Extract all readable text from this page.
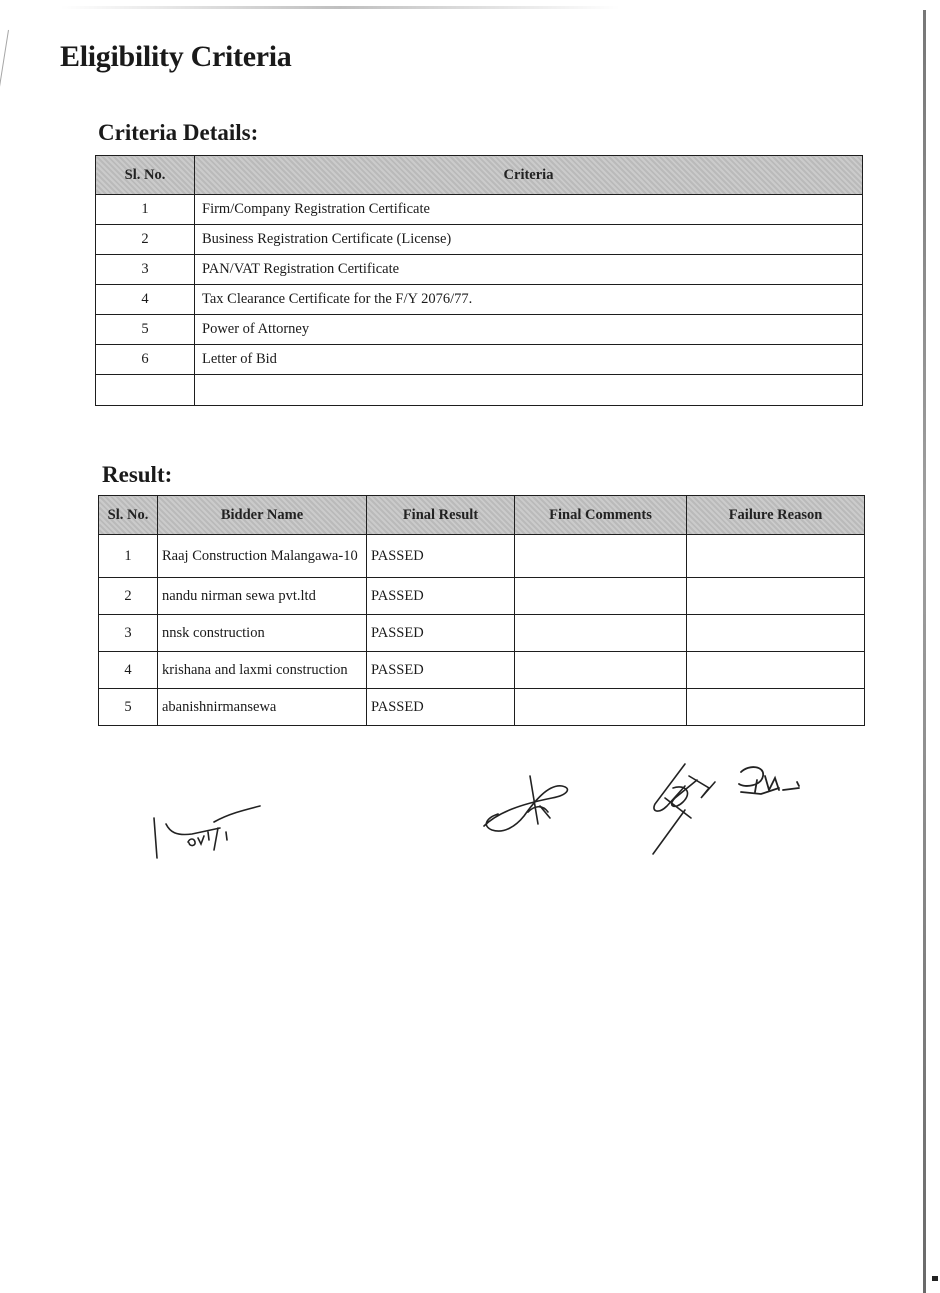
Eligibility Criteria
Criteria Details:
Sl. No.	Criteria
1	Firm/Company Registration Certificate
2	Business Registration Certificate (License)
3	PAN/VAT Registration Certificate
4	Tax Clearance Certificate for the F/Y 2076/77.
5	Power of Attorney
6	Letter of Bid

Result:
Sl. No.	Bidder Name	Final Result	Final Comments	Failure Reason
1	Raaj Construction Malangawa-10	PASSED		
2	nandu nirman sewa pvt.ltd	PASSED		
3	nnsk construction	PASSED		
4	krishana and laxmi construction	PASSED		
5	abanishnirmansewa	PASSED		
